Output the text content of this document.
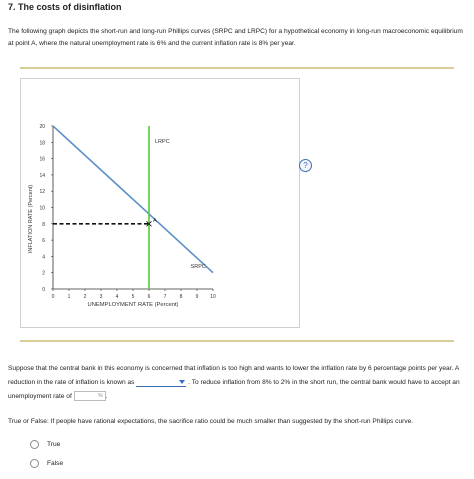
7. The costs of disinflation
The following graph depicts the short-run and long-run Phillips curves (SRPC and LRPC) for a hypothetical economy in long-run macroeconomic equilibrium at point A, where the natural unemployment rate is 6% and the current inflation rate is 8% per year.
?
0
2
4
6
8
10
12
14
16
18
20
0	1	2	3	4	5	6	7	8	9 10
INFLATION RATE (Percent)
UNEMPLOYMENT RATE (Percent)
LRPC
SRPC
A
Suppose that the central bank in this economy is concerned that inflation is too high and wants to lower the inflation rate by 6 percentage points per year. A reduction in the rate of inflation is known as	. To reduce inflation from 8% to 2% in the short run, the central bank would have to accept an unemployment rate of	% .
True or False: If people have rational expectations, the sacrifice ratio could be much smaller than suggested by the short-run Phillips curve.
True
False
